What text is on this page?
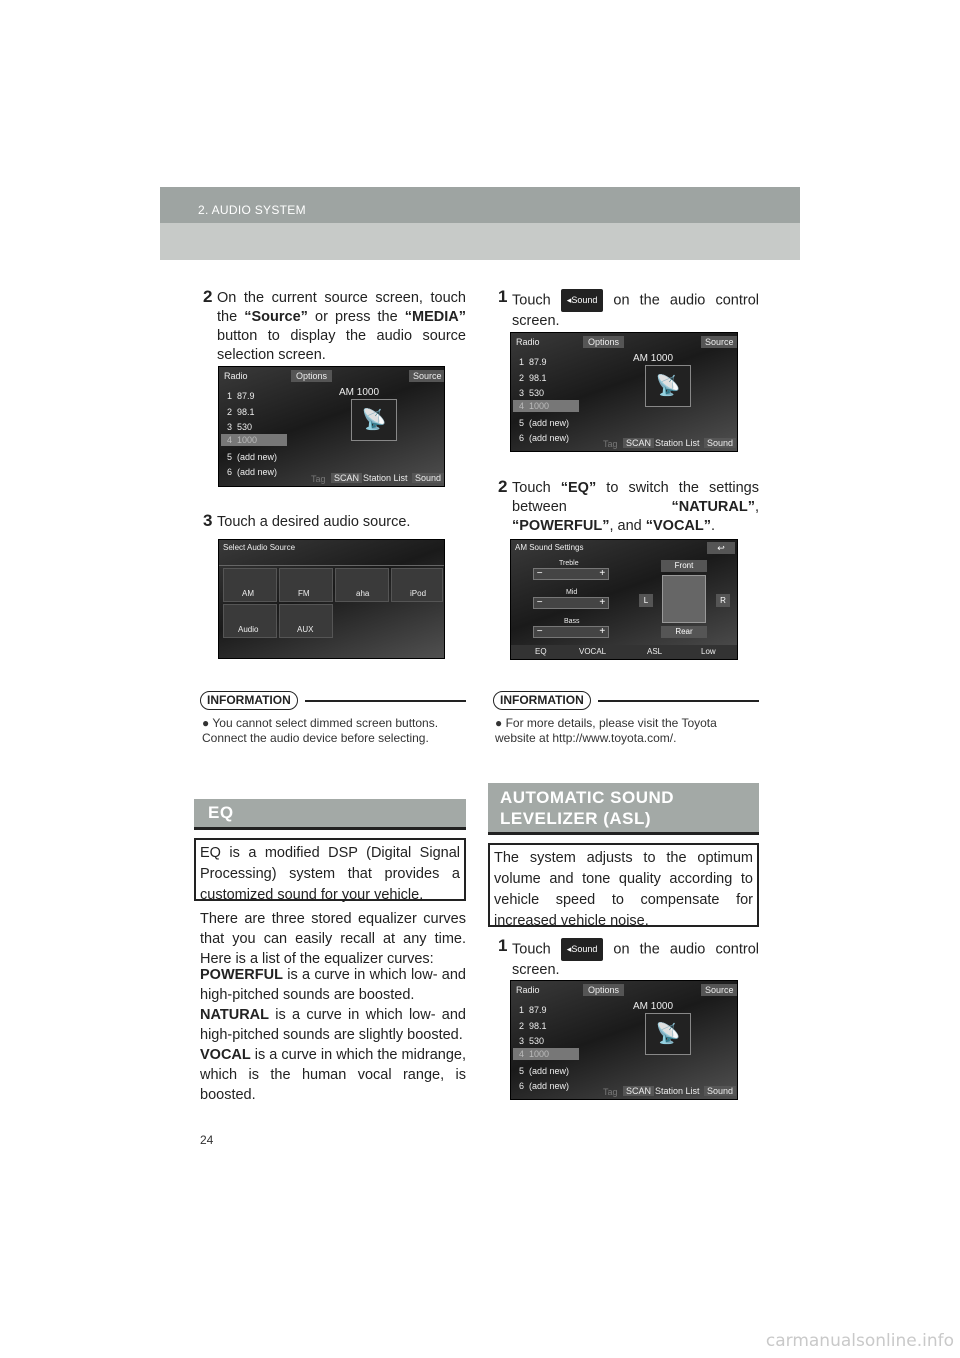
2. AUDIO SYSTEM
2 On the current source screen, touch the “Source” or press the “MEDIA” button to display the audio source selection screen.
Radio	Options	Source
AM 1000
📡
1 87.9
2 98.1
3 530
4 1000
5 (add new)
6 (add new)
Tag SCAN Station List Sound
3 Touch a desired audio source.
Select Audio Source
AM	FM	aha	iPod
Audio	AUX
INFORMATION
● You cannot select dimmed screen buttons. Connect the audio device before selecting.
EQ
EQ is a modified DSP (Digital Signal Processing) system that provides a customized sound for your vehicle.
There are three stored equalizer curves that you can easily recall at any time. Here is a list of the equalizer curves:
POWERFUL is a curve in which low- and high-pitched sounds are boosted.
NATURAL is a curve in which low- and high-pitched sounds are slightly boosted.
VOCAL is a curve in which the midrange, which is the human vocal range, is boosted.
1 Touch ◂Sound on the audio control screen.
Radio	Options	Source
AM 1000
📡
1 87.9
2 98.1
3 530
4 1000
5 (add new)
6 (add new)
Tag SCAN Station List Sound
2 Touch “EQ” to switch the settings between “NATURAL”, “POWERFUL”, and “VOCAL”.
AM Sound Settings	↩
Treble
−	+
Mid
−	+
Bass
−	+
Front
L	R
Rear
EQ	VOCAL	ASL	Low
INFORMATION
● For more details, please visit the Toyota website at http://www.toyota.com/.
AUTOMATIC SOUND LEVELIZER (ASL)
The system adjusts to the optimum volume and tone quality according to vehicle speed to compensate for increased vehicle noise.
1 Touch ◂Sound on the audio control screen.
Radio	Options	Source
AM 1000
📡
1 87.9
2 98.1
3 530
4 1000
5 (add new)
6 (add new)
Tag SCAN Station List Sound
24
carmanualsonline.info
